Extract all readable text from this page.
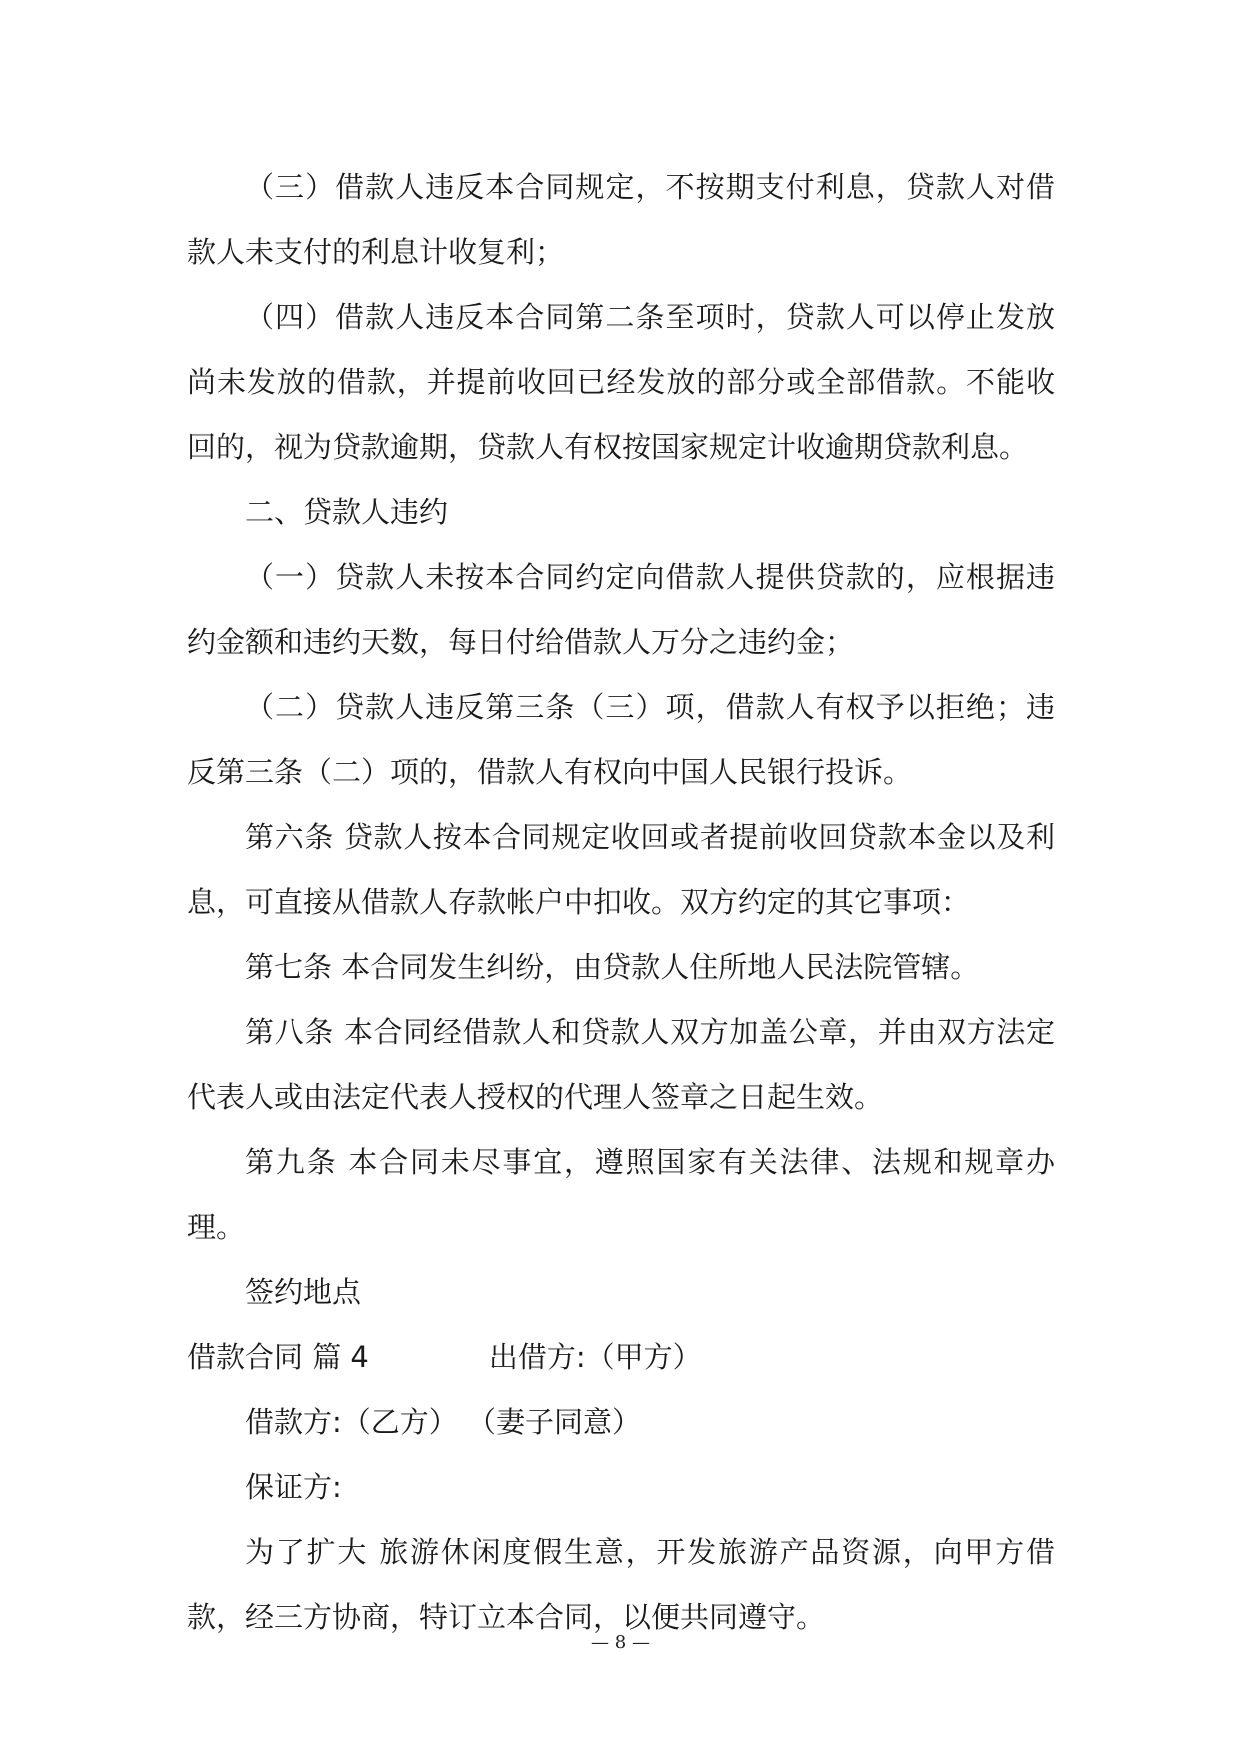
（三）借款人违反本合同规定，不按期支付利息，贷款人对借款人未支付的利息计收复利；

（四）借款人违反本合同第二条至项时，贷款人可以停止发放尚未发放的借款，并提前收回已经发放的部分或全部借款。不能收回的，视为贷款逾期，贷款人有权按国家规定计收逾期贷款利息。

二、贷款人违约

（一）贷款人未按本合同约定向借款人提供贷款的，应根据违约金额和违约天数，每日付给借款人万分之违约金；

（二）贷款人违反第三条（三）项，借款人有权予以拒绝；违反第三条（二）项的，借款人有权向中国人民银行投诉。

第六条 贷款人按本合同规定收回或者提前收回贷款本金以及利息，可直接从借款人存款帐户中扣收。双方约定的其它事项：

第七条 本合同发生纠纷，由贷款人住所地人民法院管辖。

第八条 本合同经借款人和贷款人双方加盖公章，并由双方法定代表人或由法定代表人授权的代理人签章之日起生效。

第九条 本合同未尽事宜，遵照国家有关法律、法规和规章办理。

签约地点

借款合同 篇 4	出借方:（甲方）

借款方:（乙方） （妻子同意）

保证方:

为了扩大 旅游休闲度假生意，开发旅游产品资源，向甲方借款，经三方协商，特订立本合同，以便共同遵守。

— 8 —
